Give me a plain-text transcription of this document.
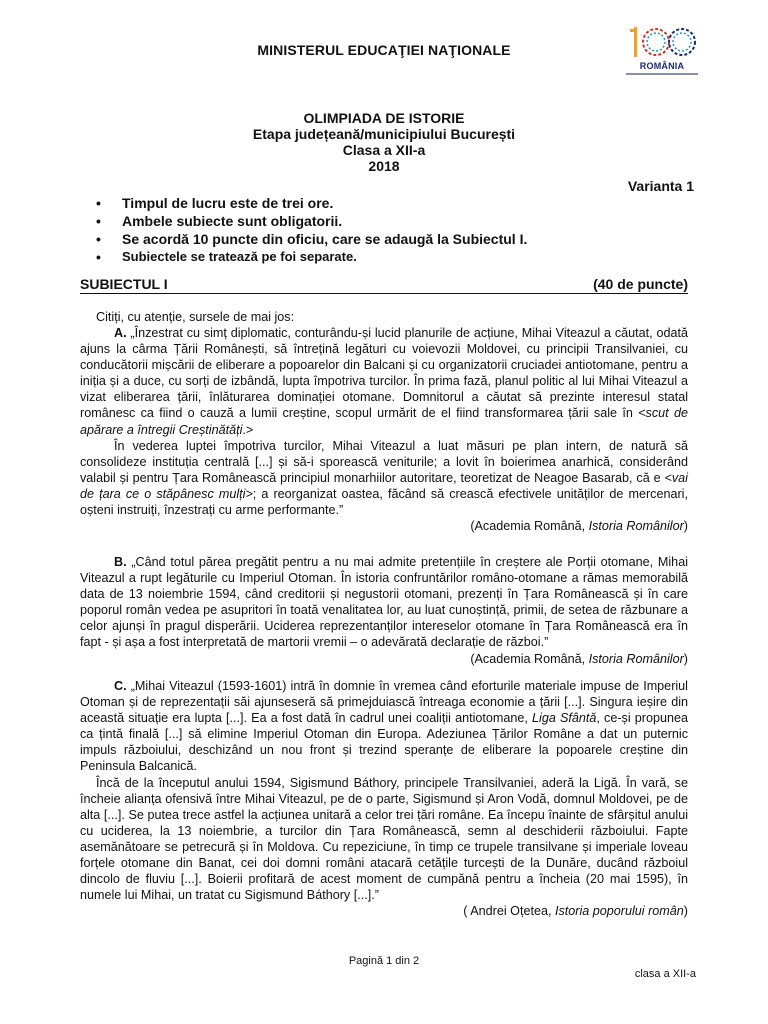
MINISTERUL EDUCAŢIEI NAŢIONALE
ROMÂNIA
OLIMPIADA DE ISTORIE
Etapa județeană/municipiului București
Clasa a XII-a
2018
Varianta 1
• Timpul de lucru este de trei ore.
• Ambele subiecte sunt obligatorii.
• Se acordă 10 puncte din oficiu, care se adaugă la Subiectul I.
• Subiectele se tratează pe foi separate.
SUBIECTUL I	(40 de puncte)

Citiți, cu atenție, sursele de mai jos:

A. „Înzestrat cu simț diplomatic, conturându-și lucid planurile de acțiune, Mihai Viteazul a căutat, odată ajuns la cârma Țării Românești, să întrețină legături cu voievozii Moldovei, cu principii Transilvaniei, cu conducătorii mișcării de eliberare a popoarelor din Balcani și cu organizatorii cruciadei antiotomane, pentru a iniția și a duce, cu sorți de izbândă, lupta împotriva turcilor. În prima fază, planul politic al lui Mihai Viteazul a vizat eliberarea țării, înlăturarea dominației otomane. Domnitorul a căutat să prezinte interesul statal românesc ca fiind o cauză a lumii creștine, scopul urmărit de el fiind transformarea țării sale în <scut de apărare a întregii Creștinătăți.>

În vederea luptei împotriva turcilor, Mihai Viteazul a luat măsuri pe plan intern, de natură să consolideze instituția centrală [...] și să-i sporească veniturile; a lovit în boierimea anarhică, considerând valabil și pentru Țara Românească principiul monarhiilor autoritare, teoretizat de Neagoe Basarab, că e <vai de țara ce o stăpânesc mulți>; a reorganizat oastea, făcând să crească efectivele unităților de mercenari, oșteni instruiți, înzestrați cu arme performante.”

(Academia Română, Istoria Românilor)

B. „Când totul părea pregătit pentru a nu mai admite pretențiile în creștere ale Porții otomane, Mihai Viteazul a rupt legăturile cu Imperiul Otoman. În istoria confruntărilor româno-otomane a rămas memorabilă data de 13 noiembrie 1594, când creditorii și negustorii otomani, prezenți în Țara Românească și în care poporul român vedea pe asupritori în toată venalitatea lor, au luat cunoștință, primii, de setea de răzbunare a celor ajunși în pragul disperării. Uciderea reprezentanților intereselor otomane în Țara Românească era în fapt - și așa a fost interpretată de martorii vremii – o adevărată declarație de război.”

(Academia Română, Istoria Românilor)

C. „Mihai Viteazul (1593-1601) intră în domnie în vremea când eforturile materiale impuse de Imperiul Otoman și de reprezentații săi ajunseseră să primejduiască întreaga economie a țării [...]. Singura ieșire din această situație era lupta [...]. Ea a fost dată în cadrul unei coaliții antiotomane, Liga Sfântă, ce-și propunea ca țintă finală [...] să elimine Imperiul Otoman din Europa. Adeziunea Țărilor Române a dat un puternic impuls războiului, deschizând un nou front și trezind speranțe de eliberare la popoarele creștine din Peninsula Balcanică.

Încă de la începutul anului 1594, Sigismund Báthory, principele Transilvaniei, aderă la Ligă. În vară, se încheie alianța ofensivă între Mihai Viteazul, pe de o parte, Sigismund și Aron Vodă, domnul Moldovei, pe de alta [...]. Se putea trece astfel la acțiunea unitară a celor trei țări române. Ea începu înainte de sfârșitul anului cu uciderea, la 13 noiembrie, a turcilor din Țara Românească, semn al deschiderii războiului. Fapte asemănătoare se petrecură și în Moldova. Cu repeziciune, în timp ce trupele transilvane și imperiale loveau forțele otomane din Banat, cei doi domni români atacară cetățile turcești de la Dunăre, ducând războiul dincolo de fluviu [...]. Boierii profitară de acest moment de cumpănă pentru a încheia (20 mai 1595), în numele lui Mihai, un tratat cu Sigismund Báthory [...].”

( Andrei Oțetea, Istoria poporului român)

Pagină 1 din 2
clasa a XII-a
